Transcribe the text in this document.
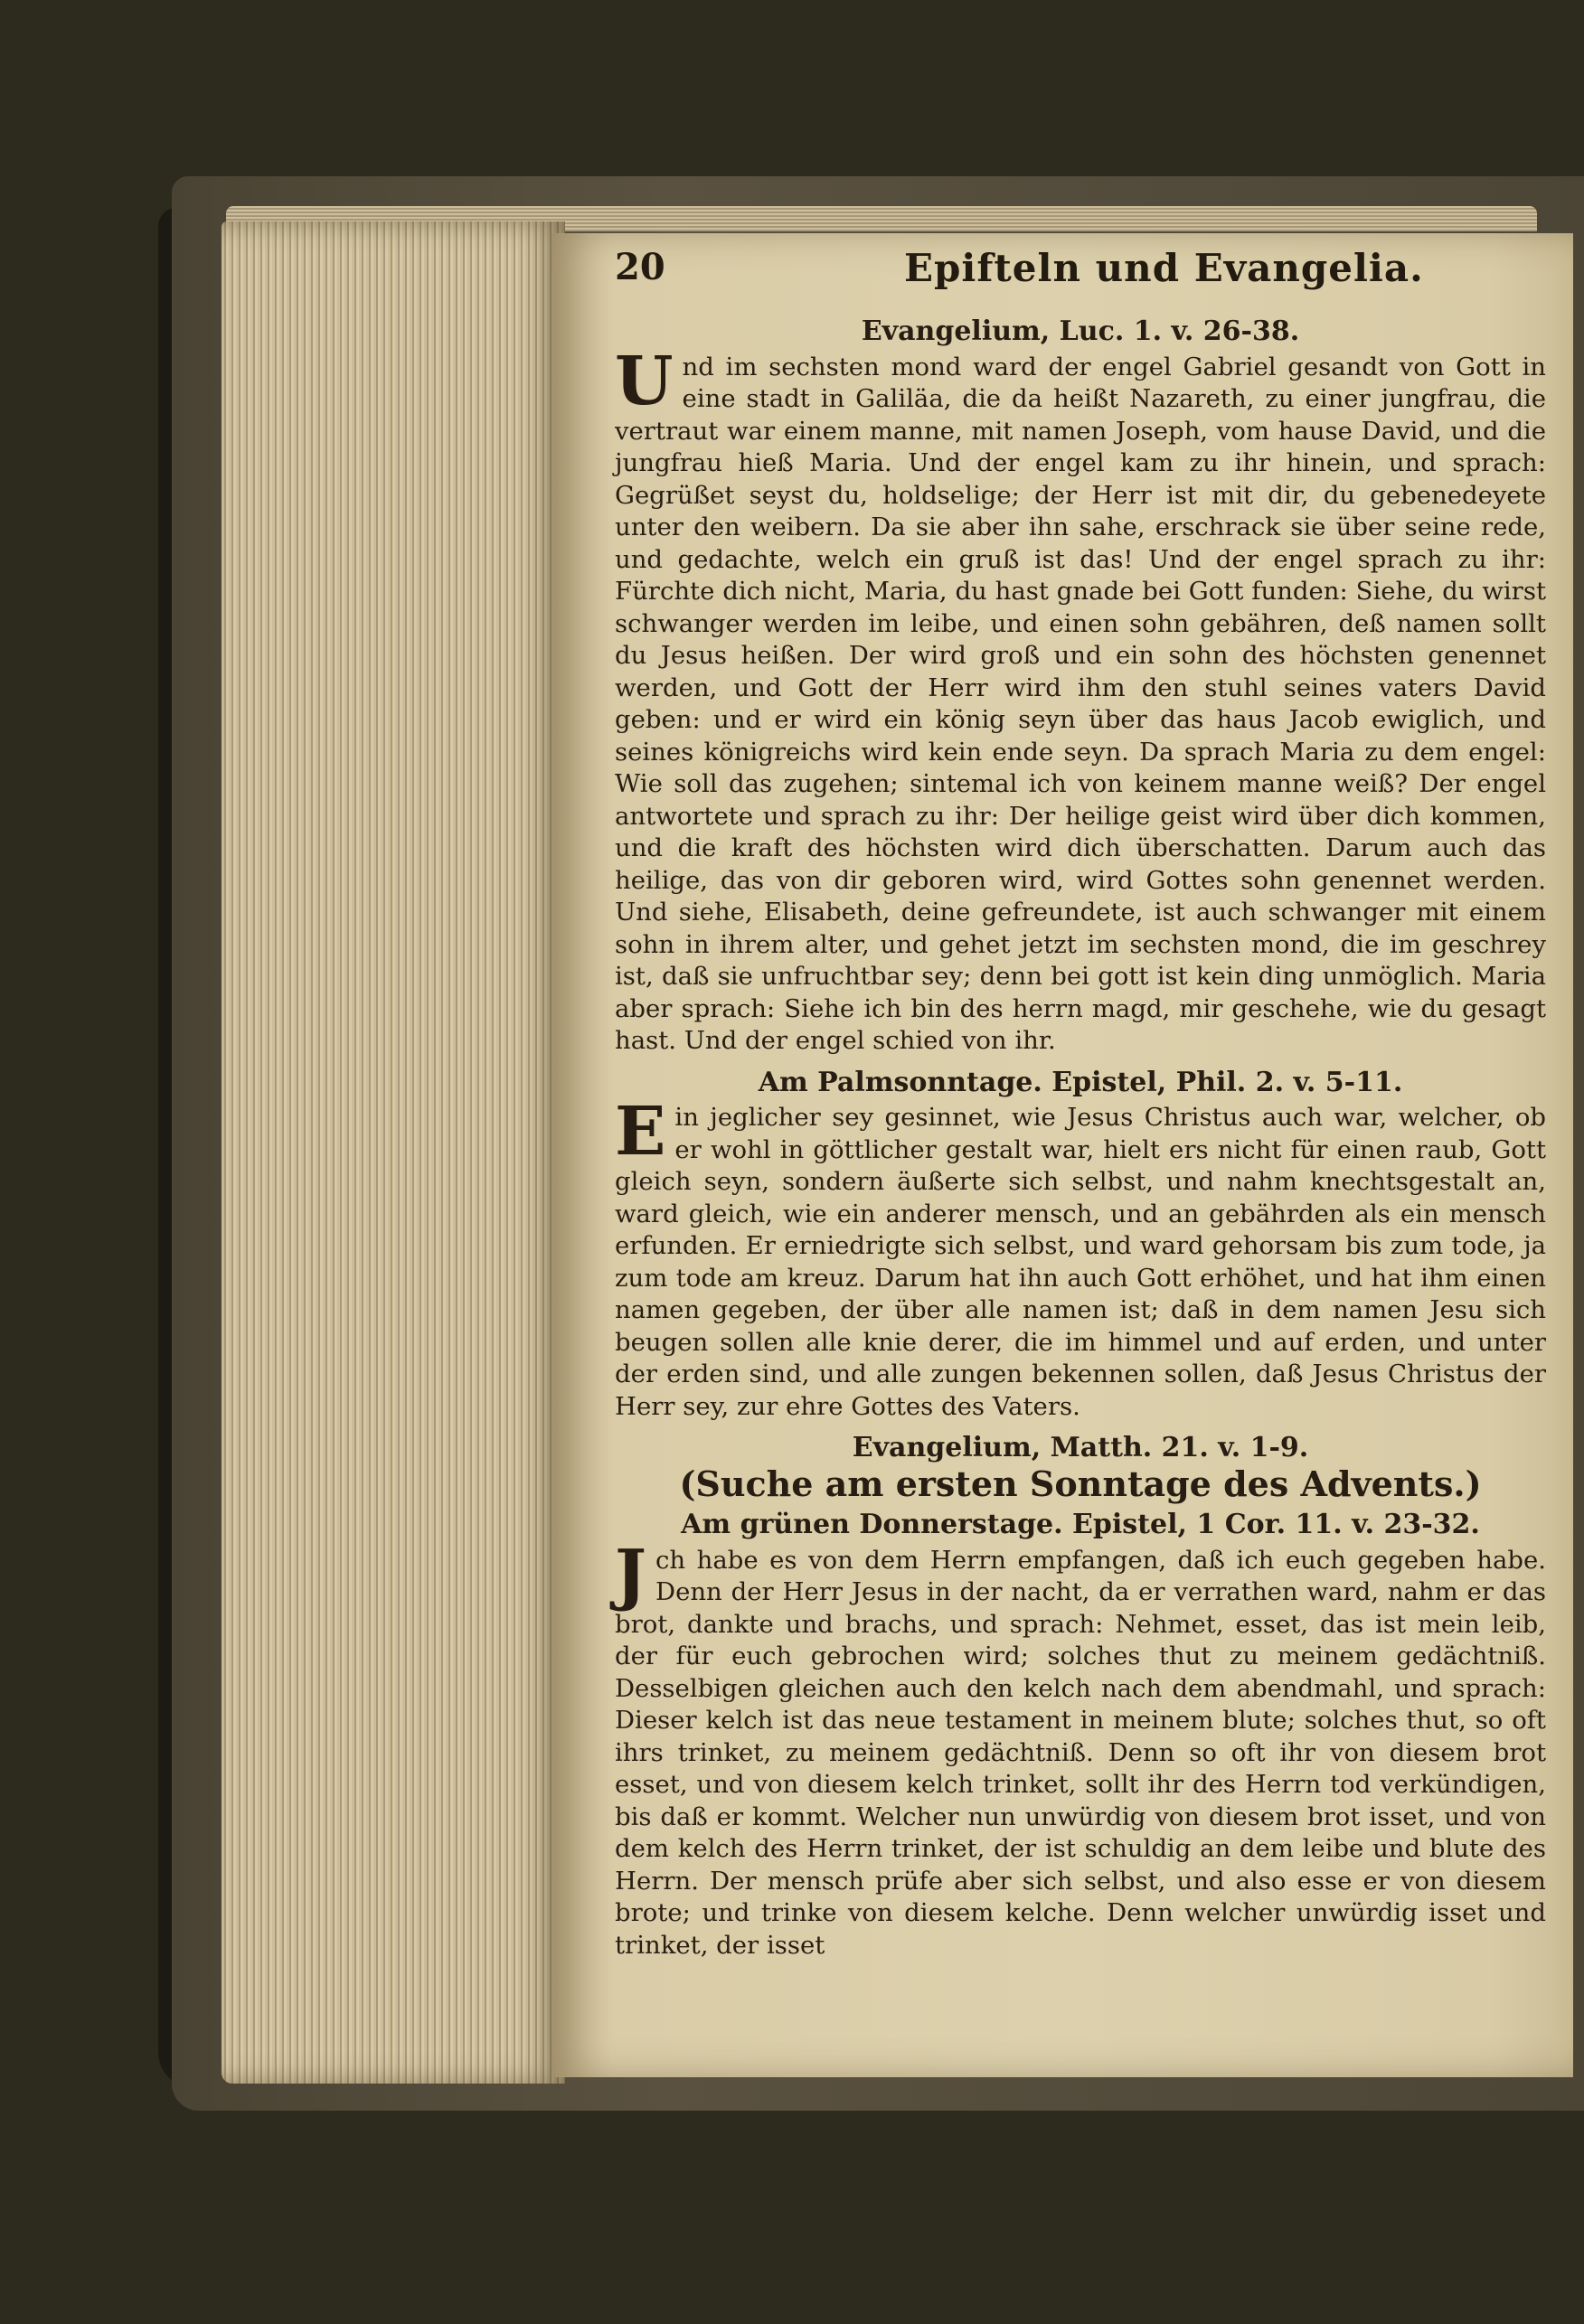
20	Epifteln und Evangelia.
Evangelium, Luc. 1. v. 26-38.
U nd im sechsten mond ward der engel Gabriel gesandt von Gott in eine stadt in Galiläa, die da heißt Nazareth, zu einer jungfrau, die vertraut war einem manne, mit namen Joseph, vom hause David, und die jungfrau hieß Maria. Und der engel kam zu ihr hinein, und sprach: Gegrüßet seyst du, holdselige; der Herr ist mit dir, du gebenedeyete unter den weibern. Da sie aber ihn sahe, erschrack sie über seine rede, und gedachte, welch ein gruß ist das! Und der engel sprach zu ihr: Fürchte dich nicht, Maria, du hast gnade bei Gott funden: Siehe, du wirst schwanger werden im leibe, und einen sohn gebähren, deß namen sollt du Jesus heißen. Der wird groß und ein sohn des höchsten genennet werden, und Gott der Herr wird ihm den stuhl seines vaters David geben: und er wird ein könig seyn über das haus Jacob ewiglich, und seines königreichs wird kein ende seyn. Da sprach Maria zu dem engel: Wie soll das zugehen; sintemal ich von keinem manne weiß? Der engel antwortete und sprach zu ihr: Der heilige geist wird über dich kommen, und die kraft des höchsten wird dich überschatten. Darum auch das heilige, das von dir geboren wird, wird Gottes sohn genennet werden. Und siehe, Elisabeth, deine gefreundete, ist auch schwanger mit einem sohn in ihrem alter, und gehet jetzt im sechsten mond, die im geschrey ist, daß sie unfruchtbar sey; denn bei gott ist kein ding unmöglich. Maria aber sprach: Siehe ich bin des herrn magd, mir geschehe, wie du gesagt hast. Und der engel schied von ihr.
Am Palmsonntage. Epistel, Phil. 2. v. 5-11.
E in jeglicher sey gesinnet, wie Jesus Christus auch war, welcher, ob er wohl in göttlicher gestalt war, hielt ers nicht für einen raub, Gott gleich seyn, sondern äußerte sich selbst, und nahm knechtsgestalt an, ward gleich, wie ein anderer mensch, und an gebährden als ein mensch erfunden. Er erniedrigte sich selbst, und ward gehorsam bis zum tode, ja zum tode am kreuz. Darum hat ihn auch Gott erhöhet, und hat ihm einen namen gegeben, der über alle namen ist; daß in dem namen Jesu sich beugen sollen alle knie derer, die im himmel und auf erden, und unter der erden sind, und alle zungen bekennen sollen, daß Jesus Christus der Herr sey, zur ehre Gottes des Vaters.
Evangelium, Matth. 21. v. 1-9.
(Suche am ersten Sonntage des Advents.)
Am grünen Donnerstage. Epistel, 1 Cor. 11. v. 23-32.
J ch habe es von dem Herrn empfangen, daß ich euch gegeben habe. Denn der Herr Jesus in der nacht, da er verrathen ward, nahm er das brot, dankte und brachs, und sprach: Nehmet, esset, das ist mein leib, der für euch gebrochen wird; solches thut zu meinem gedächtniß. Desselbigen gleichen auch den kelch nach dem abendmahl, und sprach: Dieser kelch ist das neue testament in meinem blute; solches thut, so oft ihrs trinket, zu meinem gedächtniß. Denn so oft ihr von diesem brot esset, und von diesem kelch trinket, sollt ihr des Herrn tod verkündigen, bis daß er kommt. Welcher nun unwürdig von diesem brot isset, und von dem kelch des Herrn trinket, der ist schuldig an dem leibe und blute des Herrn. Der mensch prüfe aber sich selbst, und also esse er von diesem brote; und trinke von diesem kelche. Denn welcher unwürdig isset und trinket, der isset
